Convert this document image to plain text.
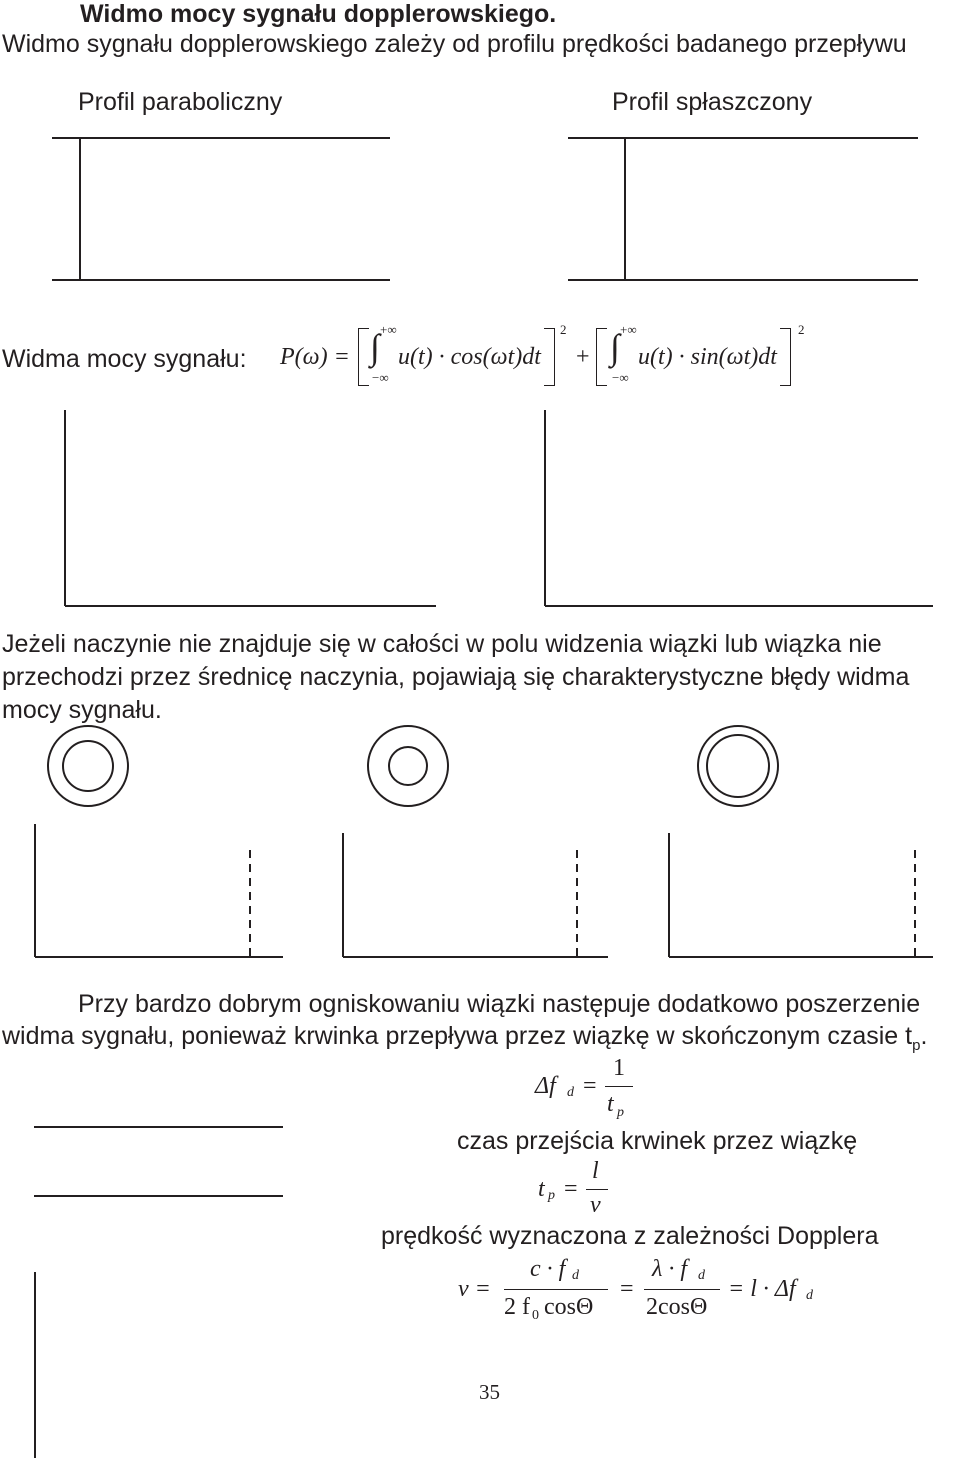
Widmo mocy sygnału dopplerowskiego.
Widmo sygnału dopplerowskiego zależy od profilu prędkości badanego przepływu
Profil paraboliczny	Profil spłaszczony
Widma mocy sygnału: P(ω) = ∫ +∞
−∞
u(t) · cos(ωt)dt
2
+ ∫ +∞
−∞
u(t) · sin(ωt)dt
2
Jeżeli naczynie nie znajduje się w całości w polu widzenia wiązki lub wiązka nie
przechodzi przez średnicę naczynia, pojawiają się charakterystyczne błędy widma
mocy sygnału.
Przy bardzo dobrym ogniskowaniu wiązki następuje dodatkowo poszerzenie
widma sygnału, ponieważ krwinka przepływa przez wiązkę w skończonym czasie $t_p$.
Δf d =
1
t p
czas przejścia krwinek przez wiązkę
t p =
l
v
prędkość wyznaczona z zależności Dopplera
v =
c · f d
2 f 0 cosΘ
=
λ · f d
2cosΘ
= l · Δf d
35
